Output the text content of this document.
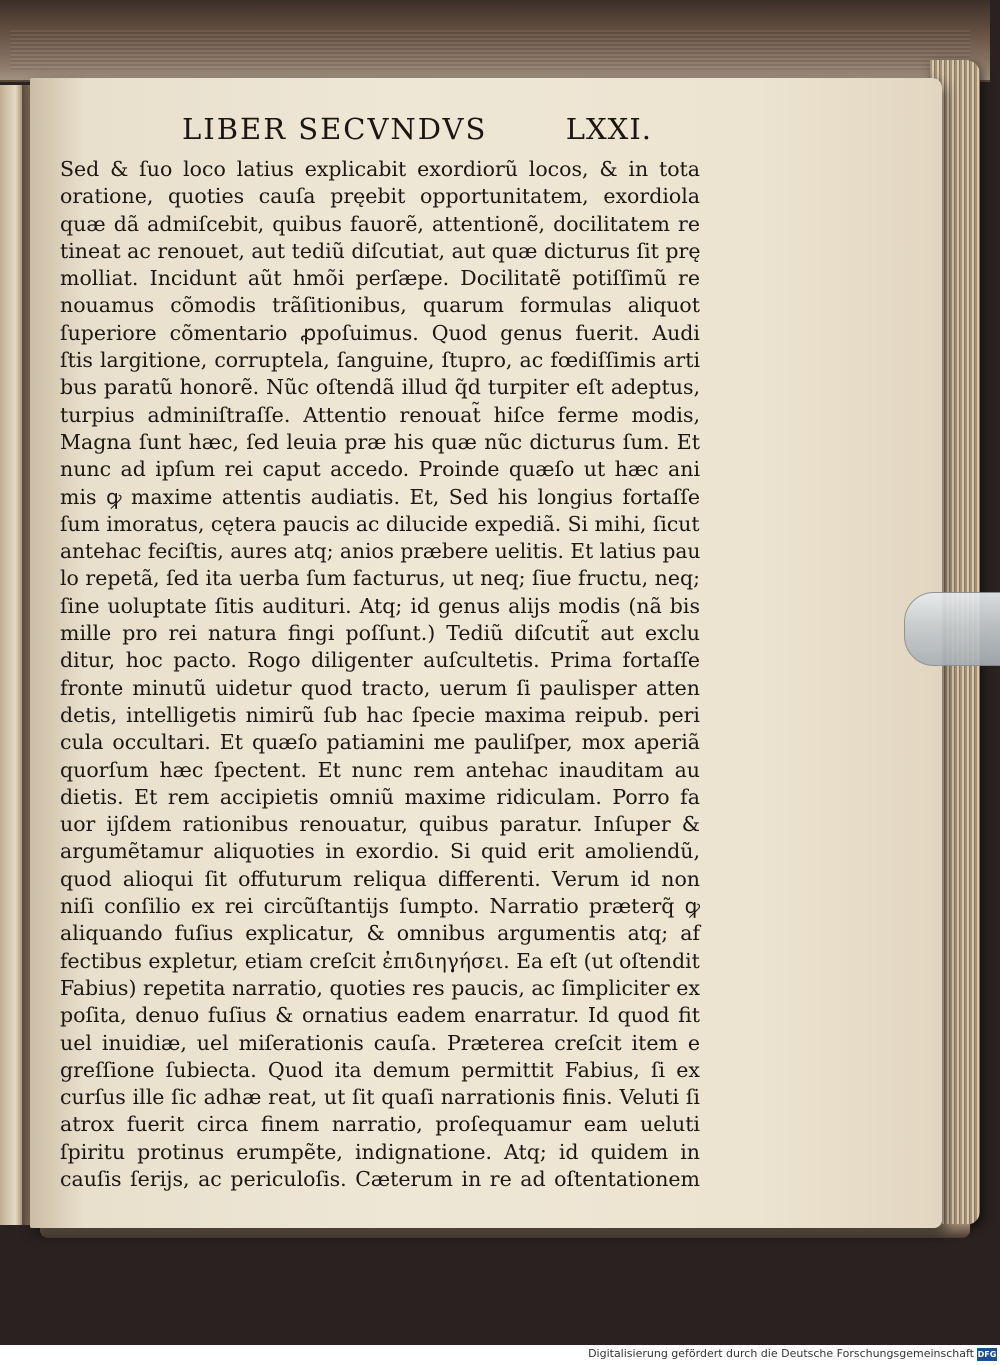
LIBER SECVNDVS	LXXI.
Sed & ſuo loco latius explicabit exordiorũ locos, & in tota
oratione, quoties cauſa pręebit opportunitatem, exordiola
quæ dã admiſcebit, quibus fauorẽ, attentionẽ, docilitatem re
tineat ac renouet, aut tediũ diſcutiat, aut quæ dicturus ſit prę
molliat. Incidunt aũt hmõi perſæpe. Docilitatẽ potiſſimũ re
nouamus cõmodis trãſitionibus, quarum formulas aliquot
ſuperiore cõmentario ꝓpoſuimus. Quod genus fuerit. Audi
ſtis largitione, corruptela, ſanguine, ſtupro, ac fœdiſſimis arti
bus paratũ honorẽ. Nũc oſtendã illud q̃d turpiter eſt adeptus,
turpius adminiſtraſſe. Attentio renouat̃ hiſce ferme modis,
Magna ſunt hæc, ſed leuia præ his quæ nũc dicturus ſum. Et
nunc ad ipſum rei caput accedo. Proinde quæſo ut hæc ani
mis ꝙ maxime attentis audiatis. Et, Sed his longius fortaſſe
ſum imoratus, cętera paucis ac dilucide expediã. Si mihi, ſicut
antehac feciſtis, aures atq; anios præbere uelitis. Et latius pau
lo repetã, ſed ita uerba ſum facturus, ut neq; ſiue fructu, neq;
ſine uoluptate ſitis audituri. Atq; id genus alijs modis (nã bis
mille pro rei natura fingi poſſunt.) Tediũ diſcutit̃ aut exclu
ditur, hoc pacto. Rogo diligenter auſcultetis. Prima fortaſſe
fronte minutũ uidetur quod tracto, uerum ſi paulisper atten
detis, intelligetis nimirũ ſub hac ſpecie maxima reipub. peri
cula occultari. Et quæſo patiamini me pauliſper, mox aperiã
quorſum hæc ſpectent. Et nunc rem antehac inauditam au
dietis. Et rem accipietis omniũ maxime ridiculam. Porro fa
uor ijſdem rationibus renouatur, quibus paratur. Inſuper &
argumẽtamur aliquoties in exordio. Si quid erit amoliendũ,
quod alioqui ſit offuturum reliqua differenti. Verum id non
niſi conſilio ex rei circũſtantijs ſumpto. Narratio præterq̃ ꝙ
aliquando fuſius explicatur, & omnibus argumentis atq; af
fectibus expletur, etiam creſcit ἐπιδιηγήσει. Ea eſt (ut oſtendit
Fabius) repetita narratio, quoties res paucis, ac ſimpliciter ex
poſita, denuo fuſius & ornatius eadem enarratur. Id quod fit
uel inuidiæ, uel miſerationis cauſa. Præterea creſcit item e
greſſione ſubiecta. Quod ita demum permittit Fabius, ſi ex
curſus ille ſic adhæ reat, ut ſit quaſi narrationis finis. Veluti ſi
atrox fuerit circa finem narratio, proſequamur eam ueluti
ſpiritu protinus erumpẽte, indignatione. Atq; id quidem in
cauſis ſerijs, ac periculoſis. Cæterum in re ad oſtentationem
Digitalisierung gefördert durch die Deutsche Forschungsgemeinschaft DFG
